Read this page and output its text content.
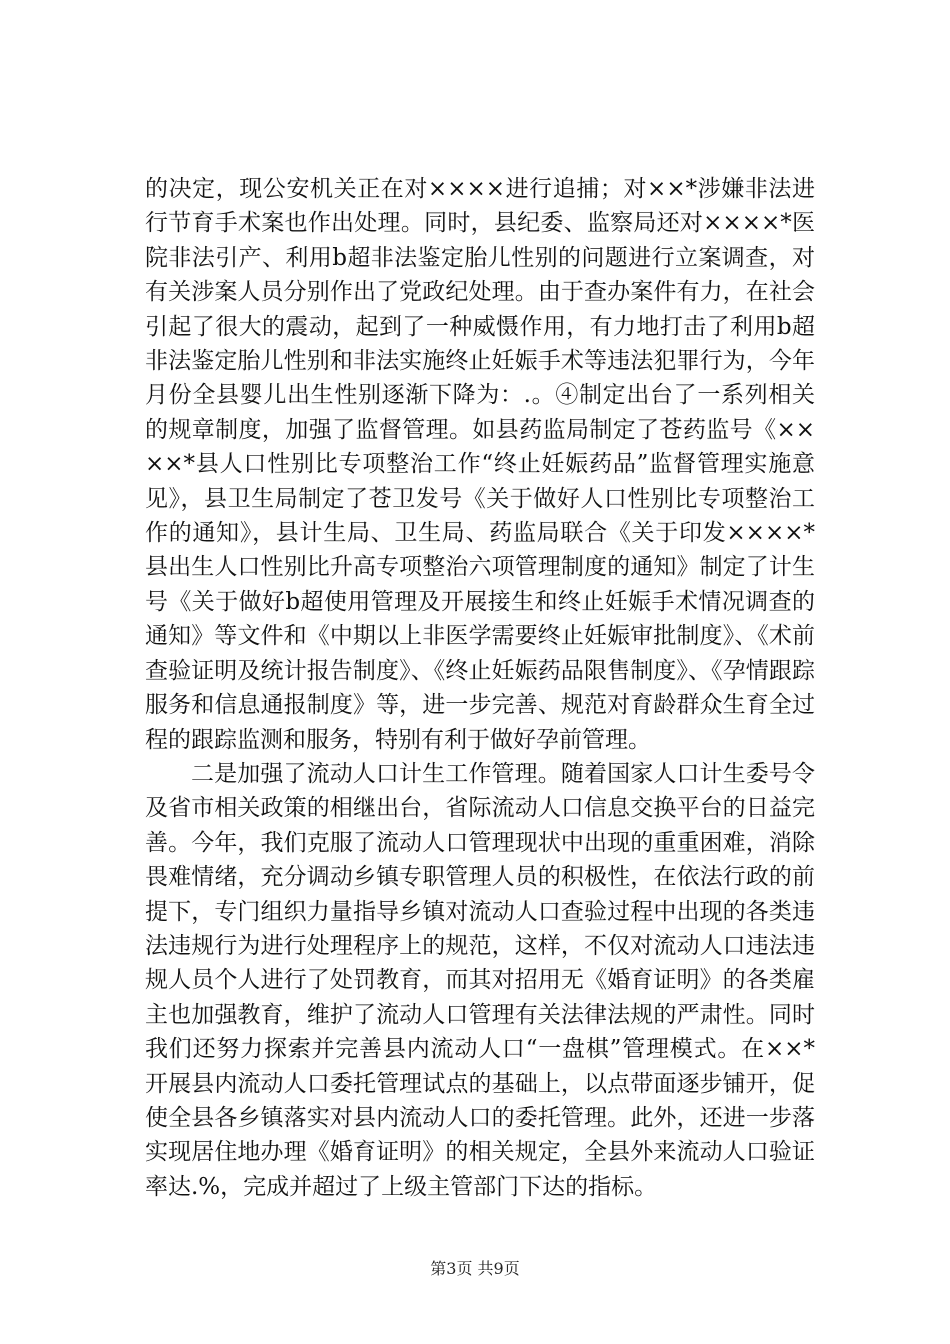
的决定，现公安机关正在对××××进行追捕；对××*涉嫌非法进行节育手术案也作出处理。同时，县纪委、监察局还对××××*医院非法引产、利用b超非法鉴定胎儿性别的问题进行立案调查，对有关涉案人员分别作出了党政纪处理。由于查办案件有力，在社会引起了很大的震动，起到了一种威慑作用，有力地打击了利用b超非法鉴定胎儿性别和非法实施终止妊娠手术等违法犯罪行为，今年月份全县婴儿出生性别逐渐下降为：.。④制定出台了一系列相关的规章制度，加强了监督管理。如县药监局制定了苍药监号《××××*县人口性别比专项整治工作“终止妊娠药品”监督管理实施意见》，县卫生局制定了苍卫发号《关于做好人口性别比专项整治工作的通知》，县计生局、卫生局、药监局联合《关于印发××××*县出生人口性别比升高专项整治六项管理制度的通知》制定了计生号《关于做好b超使用管理及开展接生和终止妊娠手术情况调查的通知》等文件和《中期以上非医学需要终止妊娠审批制度》、《术前查验证明及统计报告制度》、《终止妊娠药品限售制度》、《孕情跟踪服务和信息通报制度》等，进一步完善、规范对育龄群众生育全过程的跟踪监测和服务，特别有利于做好孕前管理。

二是加强了流动人口计生工作管理。随着国家人口计生委号令及省市相关政策的相继出台，省际流动人口信息交换平台的日益完善。今年，我们克服了流动人口管理现状中出现的重重困难，消除畏难情绪，充分调动乡镇专职管理人员的积极性，在依法行政的前提下，专门组织力量指导乡镇对流动人口查验过程中出现的各类违法违规行为进行处理程序上的规范，这样，不仅对流动人口违法违规人员个人进行了处罚教育，而其对招用无《婚育证明》的各类雇主也加强教育，维护了流动人口管理有关法律法规的严肃性。同时我们还努力探索并完善县内流动人口“一盘棋”管理模式。在××*开展县内流动人口委托管理试点的基础上，以点带面逐步铺开，促使全县各乡镇落实对县内流动人口的委托管理。此外，还进一步落实现居住地办理《婚育证明》的相关规定，全县外来流动人口验证率达.%，完成并超过了上级主管部门下达的指标。

第3页 共9页
